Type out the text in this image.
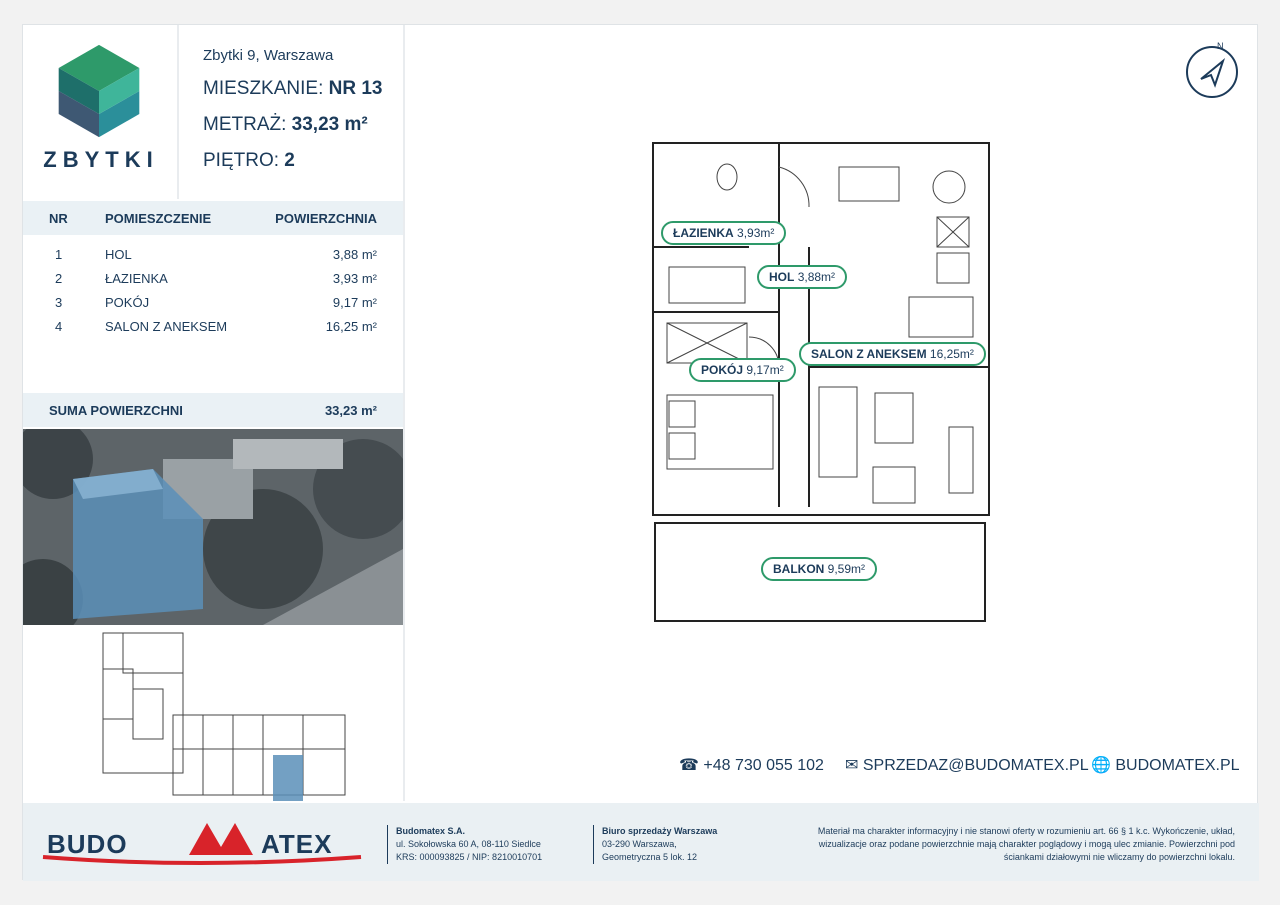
ZBYTKI
Zbytki 9, Warszawa
MIESZKANIE: NR 13
METRAŻ: 33,23 m²
PIĘTRO: 2
NR	POMIESZCZENIE	POWIERZCHNIA
1	HOL	3,88 m²
2	ŁAZIENKA	3,93 m²
3	POKÓJ	9,17 m²
4	SALON Z ANEKSEM	16,25 m²
SUMA POWIERZCHNI	33,23 m²
N
ŁAZIENKA 3,93m²
HOL 3,88m²
POKÓJ 9,17m²
SALON Z ANEKSEM 16,25m²
BALKON 9,59m²
☎ +48 730 055 102 ✉ SPRZEDAZ@BUDOMATEX.PL 🌐 BUDOMATEX.PL
BUDO	ATEX	Budomatex S.A.
ul. Sokołowska 60 A, 08-110 Siedlce
KRS: 000093825 / NIP: 8210010701
Biuro sprzedaży Warszawa
03-290 Warszawa,
Geometryczna 5 lok. 12
Materiał ma charakter informacyjny i nie stanowi oferty w rozumieniu art. 66 § 1 k.c. Wykończenie, układ,
wizualizacje oraz podane powierzchnie mają charakter poglądowy i mogą ulec zmianie. Powierzchni pod
ściankami działowymi nie wliczamy do powierzchni lokalu.
